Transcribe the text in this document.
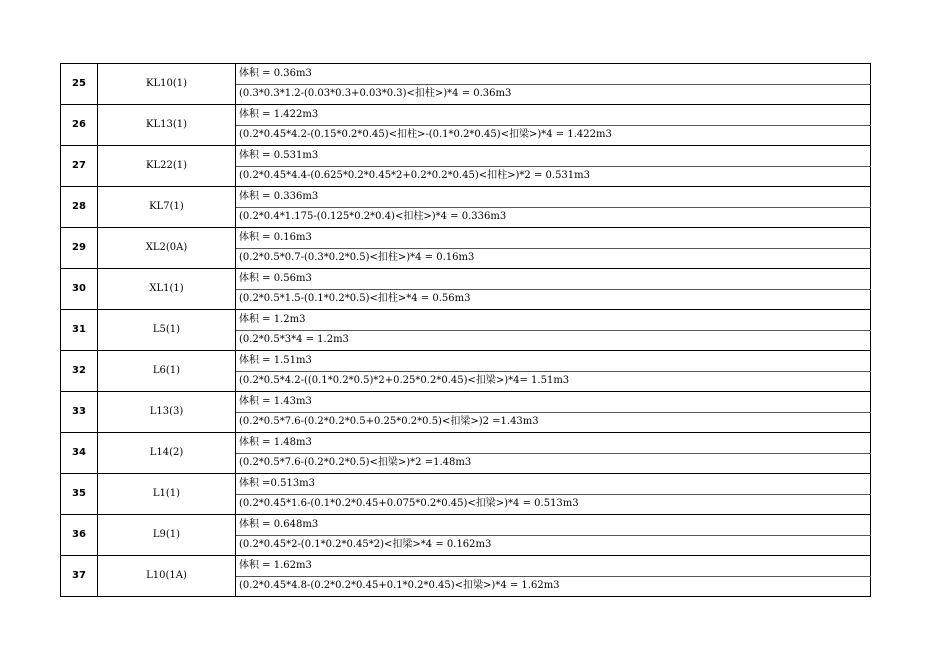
25	KL10(1)	体积 = 0.36m3
		(0.3*0.3*1.2-(0.03*0.3+0.03*0.3)<扣柱>)*4 = 0.36m3
26	KL13(1)	体积 = 1.422m3
		(0.2*0.45*4.2-(0.15*0.2*0.45)<扣柱>-(0.1*0.2*0.45)<扣梁>)*4 = 1.422m3
27	KL22(1)	体积 = 0.531m3
		(0.2*0.45*4.4-(0.625*0.2*0.45*2+0.2*0.2*0.45)<扣柱>)*2 = 0.531m3
28	KL7(1)	体积 = 0.336m3
		(0.2*0.4*1.175-(0.125*0.2*0.4)<扣柱>)*4 = 0.336m3
29	XL2(0A)	体积 = 0.16m3
		(0.2*0.5*0.7-(0.3*0.2*0.5)<扣柱>)*4 = 0.16m3
30	XL1(1)	体积 = 0.56m3
		(0.2*0.5*1.5-(0.1*0.2*0.5)<扣柱>*4 = 0.56m3
31	L5(1)	体积 = 1.2m3
		(0.2*0.5*3*4 = 1.2m3
32	L6(1)	体积 = 1.51m3
		(0.2*0.5*4.2-((0.1*0.2*0.5)*2+0.25*0.2*0.45)<扣梁>)*4= 1.51m3
33	L13(3)	体积 = 1.43m3
		(0.2*0.5*7.6-(0.2*0.2*0.5+0.25*0.2*0.5)<扣梁>)2 =1.43m3
34	L14(2)	体积 = 1.48m3
		(0.2*0.5*7.6-(0.2*0.2*0.5)<扣梁>)*2 =1.48m3
35	L1(1)	体积 =0.513m3
		(0.2*0.45*1.6-(0.1*0.2*0.45+0.075*0.2*0.45)<扣梁>)*4 = 0.513m3
36	L9(1)	体积 = 0.648m3
		(0.2*0.45*2-(0.1*0.2*0.45*2)<扣梁>*4 = 0.162m3
37	L10(1A)	体积 = 1.62m3
		(0.2*0.45*4.8-(0.2*0.2*0.45+0.1*0.2*0.45)<扣梁>)*4 = 1.62m3
